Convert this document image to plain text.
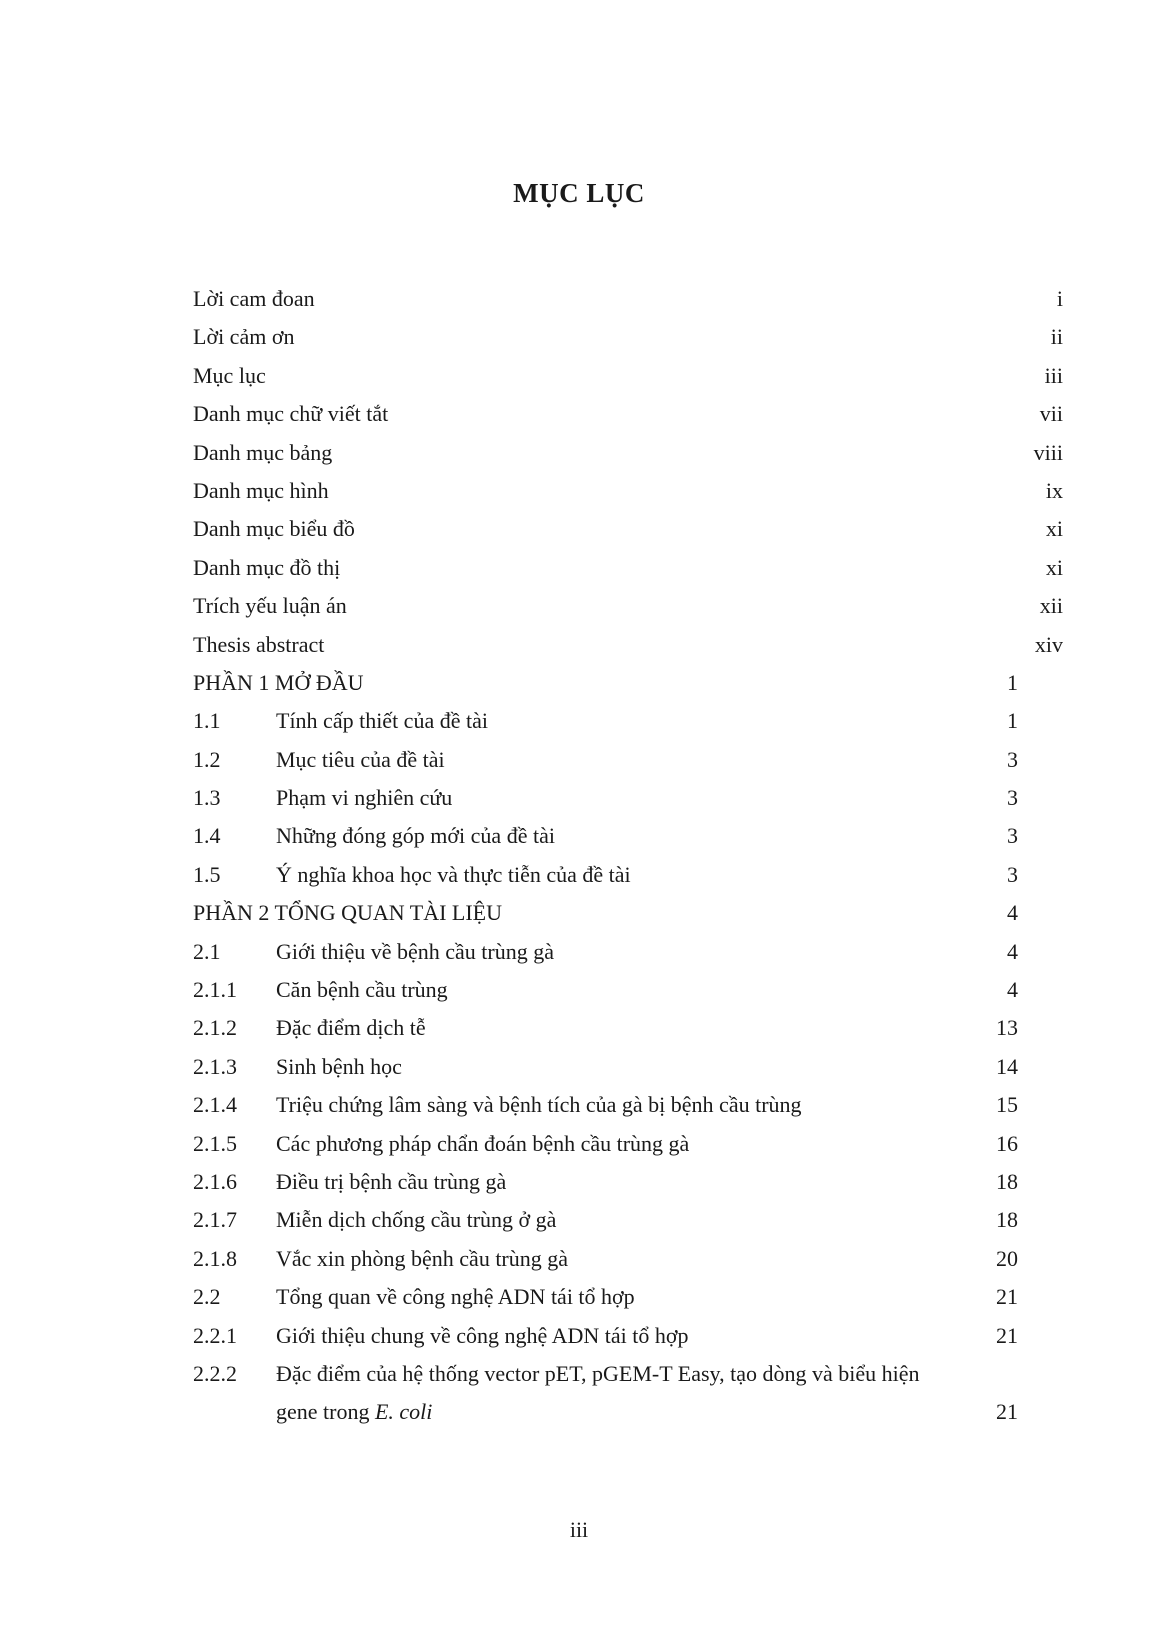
MỤC LỤC
Lời cam đoan	i
Lời cảm ơn	ii
Mục lục	iii
Danh mục chữ viết tắt	vii
Danh mục bảng	viii
Danh mục hình	ix
Danh mục biểu đồ	xi
Danh mục đồ thị	xi
Trích yếu luận án	xii
Thesis abstract	xiv
PHẦN 1 MỞ ĐẦU	1
1.1	Tính cấp thiết của đề tài	1
1.2	Mục tiêu của đề tài	3
1.3	Phạm vi nghiên cứu	3
1.4	Những đóng góp mới của đề tài	3
1.5	Ý nghĩa khoa học và thực tiễn của đề tài	3
PHẦN 2 TỔNG QUAN TÀI LIỆU	4
2.1	Giới thiệu về bệnh cầu trùng gà	4
2.1.1	Căn bệnh cầu trùng	4
2.1.2	Đặc điểm dịch tễ	13
2.1.3	Sinh bệnh học	14
2.1.4	Triệu chứng lâm sàng và bệnh tích của gà bị bệnh cầu trùng	15
2.1.5	Các phương pháp chẩn đoán bệnh cầu trùng gà	16
2.1.6	Điều trị bệnh cầu trùng gà	18
2.1.7	Miễn dịch chống cầu trùng ở gà	18
2.1.8	Vắc xin phòng bệnh cầu trùng gà	20
2.2	Tổng quan về công nghệ ADN tái tổ hợp	21
2.2.1	Giới thiệu chung về công nghệ ADN tái tổ hợp	21
2.2.2	Đặc điểm của hệ thống vector pET, pGEM-T Easy, tạo dòng và biểu hiện
gene trong E. coli	21
iii
